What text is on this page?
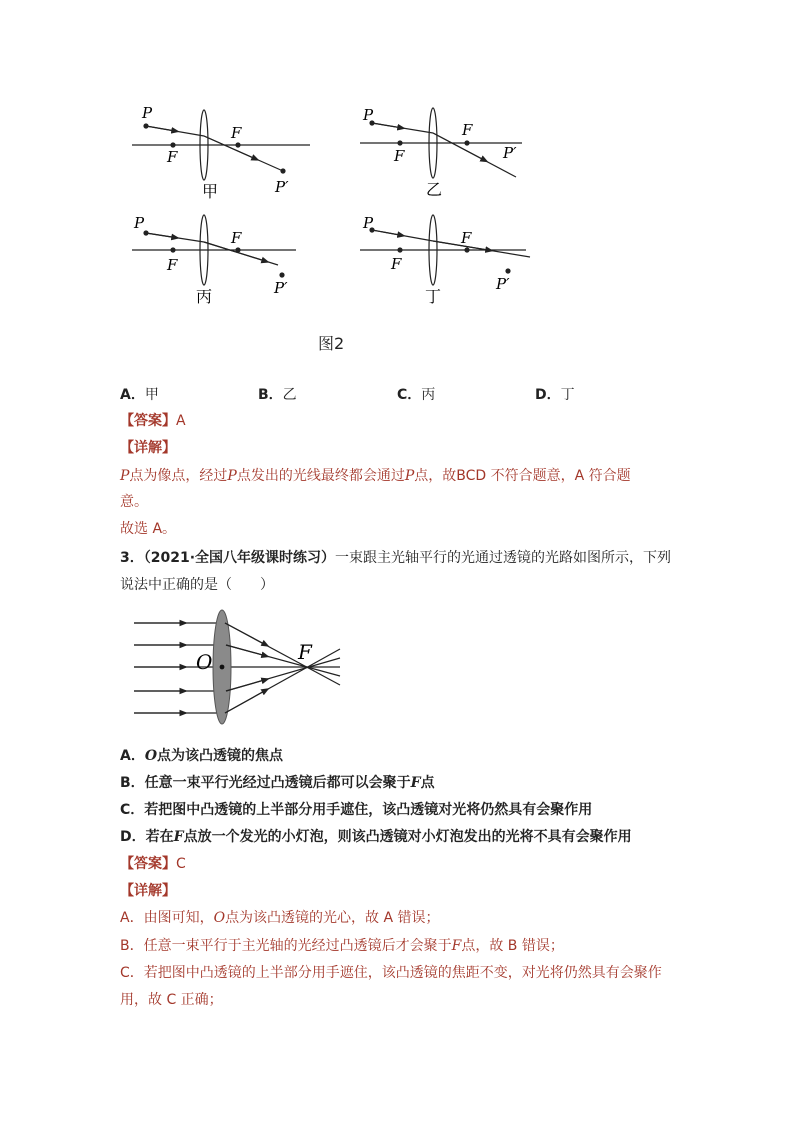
P
F
F
P′
甲
P
F
F
P′
乙
P
F
F
P′
丙
P
F
F
P′
丁
图2
A．甲	B．乙	C．丙	D．丁
【答案】A
【详解】
P点为像点，经过P点发出的光线最终都会通过P点，故BCD 不符合题意，A 符合题
意。
故选 A。
3．（2021·全国八年级课时练习）一束跟主光轴平行的光通过透镜的光路如图所示，下列
说法中正确的是（　　）
O	F
A．O点为该凸透镜的焦点
B．任意一束平行光经过凸透镜后都可以会聚于F点
C．若把图中凸透镜的上半部分用手遮住，该凸透镜对光将仍然具有会聚作用
D．若在F点放一个发光的小灯泡，则该凸透镜对小灯泡发出的光将不具有会聚作用
【答案】C
【详解】
A．由图可知，O点为该凸透镜的光心，故 A 错误；
B．任意一束平行于主光轴的光经过凸透镜后才会聚于F点，故 B 错误；
C．若把图中凸透镜的上半部分用手遮住，该凸透镜的焦距不变，对光将仍然具有会聚作
用，故 C 正确；
